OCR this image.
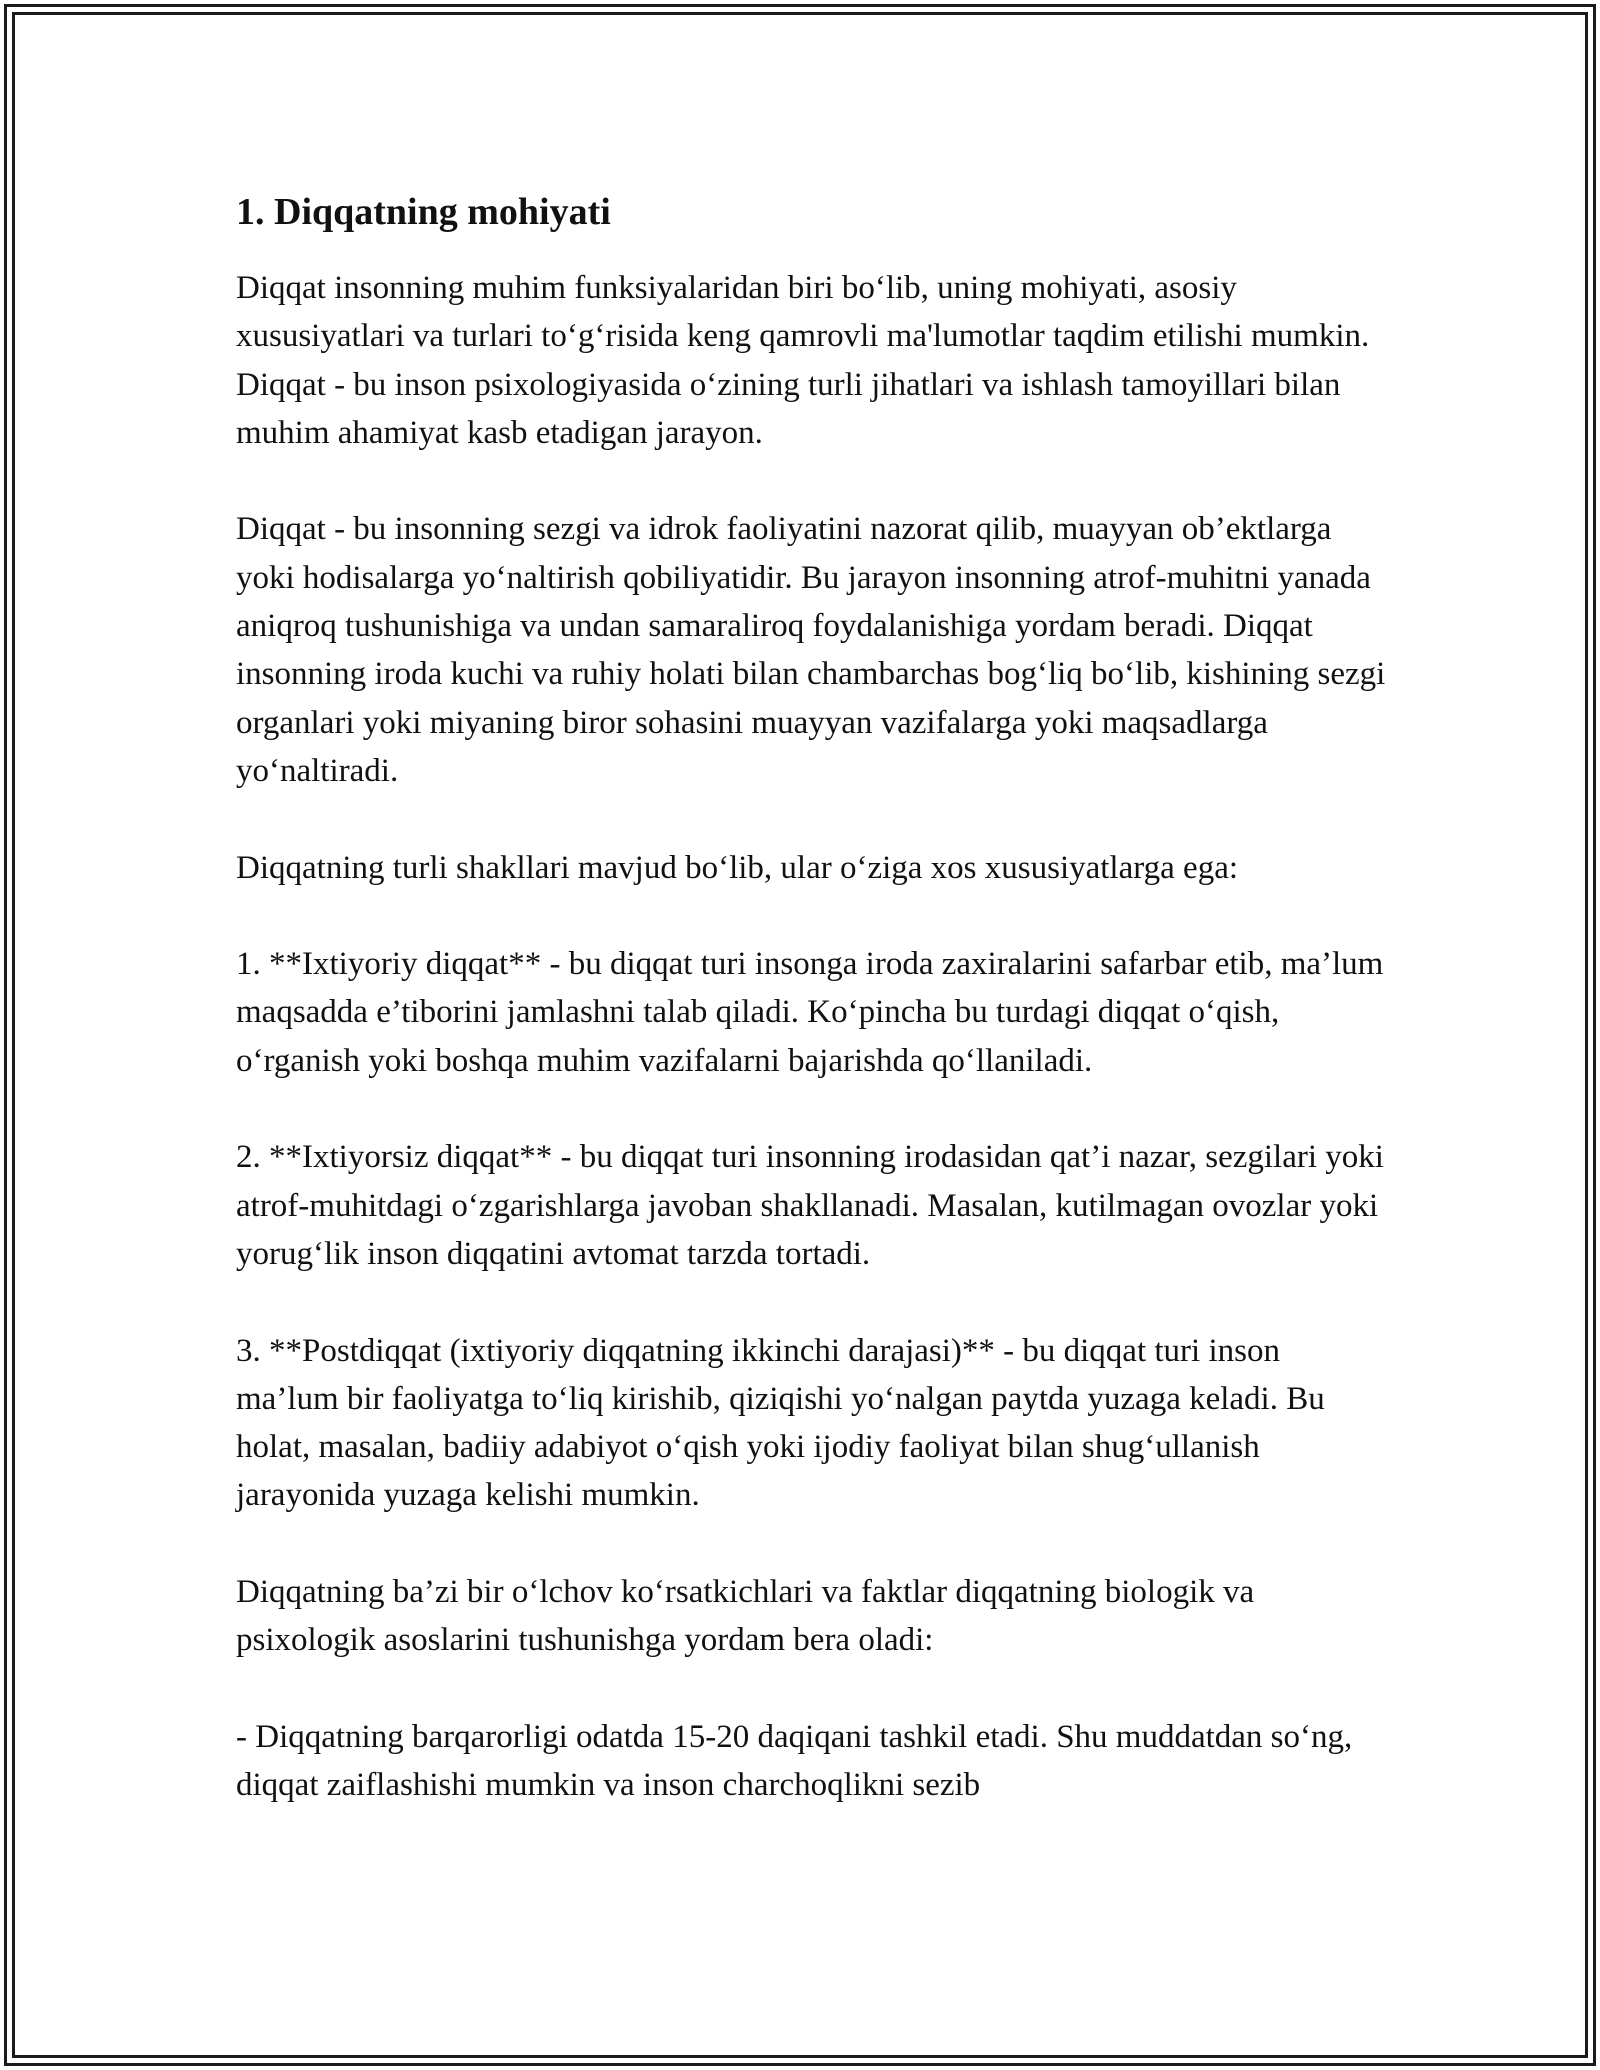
1. Diqqatning mohiyati

Diqqat insonning muhim funksiyalaridan biri bo‘lib, uning mohiyati, asosiy xususiyatlari va turlari to‘g‘risida keng qamrovli ma'lumotlar taqdim etilishi mumkin. Diqqat - bu inson psixologiyasida o‘zining turli jihatlari va ishlash tamoyillari bilan muhim ahamiyat kasb etadigan jarayon.

Diqqat - bu insonning sezgi va idrok faoliyatini nazorat qilib, muayyan ob’ektlarga yoki hodisalarga yo‘naltirish qobiliyatidir. Bu jarayon insonning atrof-muhitni yanada aniqroq tushunishiga va undan samaraliroq foydalanishiga yordam beradi. Diqqat insonning iroda kuchi va ruhiy holati bilan chambarchas bog‘liq bo‘lib, kishining sezgi organlari yoki miyaning biror sohasini muayyan vazifalarga yoki maqsadlarga yo‘naltiradi.

Diqqatning turli shakllari mavjud bo‘lib, ular o‘ziga xos xususiyatlarga ega:

1. **Ixtiyoriy diqqat** - bu diqqat turi insonga iroda zaxiralarini safarbar etib, ma’lum maqsadda e’tiborini jamlashni talab qiladi. Ko‘pincha bu turdagi diqqat o‘qish, o‘rganish yoki boshqa muhim vazifalarni bajarishda qo‘llaniladi.

2. **Ixtiyorsiz diqqat** - bu diqqat turi insonning irodasidan qat’i nazar, sezgilari yoki atrof-muhitdagi o‘zgarishlarga javoban shakllanadi. Masalan, kutilmagan ovozlar yoki yorug‘lik inson diqqatini avtomat tarzda tortadi.

3. **Postdiqqat (ixtiyoriy diqqatning ikkinchi darajasi)** - bu diqqat turi inson ma’lum bir faoliyatga to‘liq kirishib, qiziqishi yo‘nalgan paytda yuzaga keladi. Bu holat, masalan, badiiy adabiyot o‘qish yoki ijodiy faoliyat bilan shug‘ullanish jarayonida yuzaga kelishi mumkin.

Diqqatning ba’zi bir o‘lchov ko‘rsatkichlari va faktlar diqqatning biologik va psixologik asoslarini tushunishga yordam bera oladi:

- Diqqatning barqarorligi odatda 15-20 daqiqani tashkil etadi. Shu muddatdan so‘ng, diqqat zaiflashishi mumkin va inson charchoqlikni sezib
